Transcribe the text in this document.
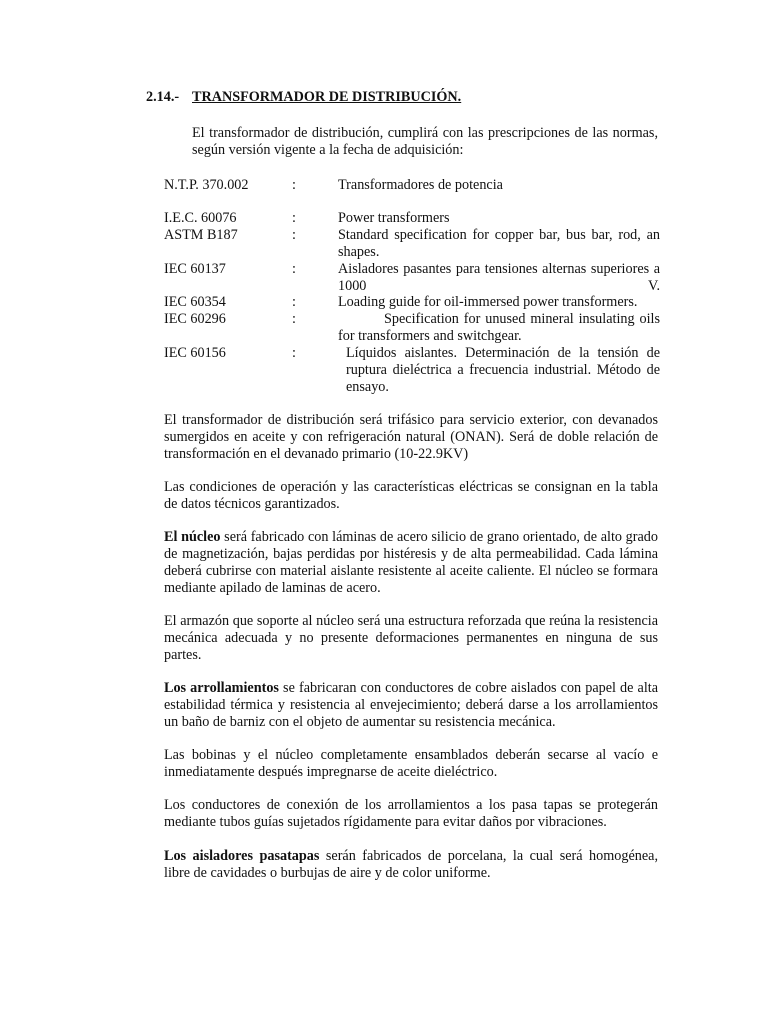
2.14.- TRANSFORMADOR DE DISTRIBUCIÓN.
El transformador de distribución, cumplirá con las prescripciones de las normas, según versión vigente a la fecha de adquisición:
N.T.P. 370.002	:	Transformadores de potencia
I.E.C. 60076	:	Power transformers
ASTM B187	:	Standard specification for copper bar, bus bar, rod, an shapes.
IEC 60137	:	Aisladores pasantes para tensiones alternas superiores a 1000 V.
IEC 60354	:	Loading guide for oil-immersed power transformers.
IEC 60296	:	Specification for unused mineral insulating oils for transformers and switchgear.
IEC 60156	:	Líquidos aislantes. Determinación de la tensión de ruptura dieléctrica a frecuencia industrial. Método de ensayo.
El transformador de distribución será trifásico para servicio exterior, con devanados sumergidos en aceite y con refrigeración natural (ONAN). Será de doble relación de transformación en el devanado primario (10-22.9KV)
Las condiciones de operación y las características eléctricas se consignan en la tabla de datos técnicos garantizados.
El núcleo será fabricado con láminas de acero silicio de grano orientado, de alto grado de magnetización, bajas perdidas por histéresis y de alta permeabilidad. Cada lámina deberá cubrirse con material aislante resistente al aceite caliente. El núcleo se formara mediante apilado de laminas de acero.
El armazón que soporte al núcleo será una estructura reforzada que reúna la resistencia mecánica adecuada y no presente deformaciones permanentes en ninguna de sus partes.
Los arrollamientos se fabricaran con conductores de cobre aislados con papel de alta estabilidad térmica y resistencia al envejecimiento; deberá darse a los arrollamientos un baño de barniz con el objeto de aumentar su resistencia mecánica.
Las bobinas y el núcleo completamente ensamblados deberán secarse al vacío e inmediatamente después impregnarse de aceite dieléctrico.
Los conductores de conexión de los arrollamientos a los pasa tapas se protegerán mediante tubos guías sujetados rígidamente para evitar daños por vibraciones.
Los aisladores pasatapas serán fabricados de porcelana, la cual será homogénea, libre de cavidades o burbujas de aire y de color uniforme.
